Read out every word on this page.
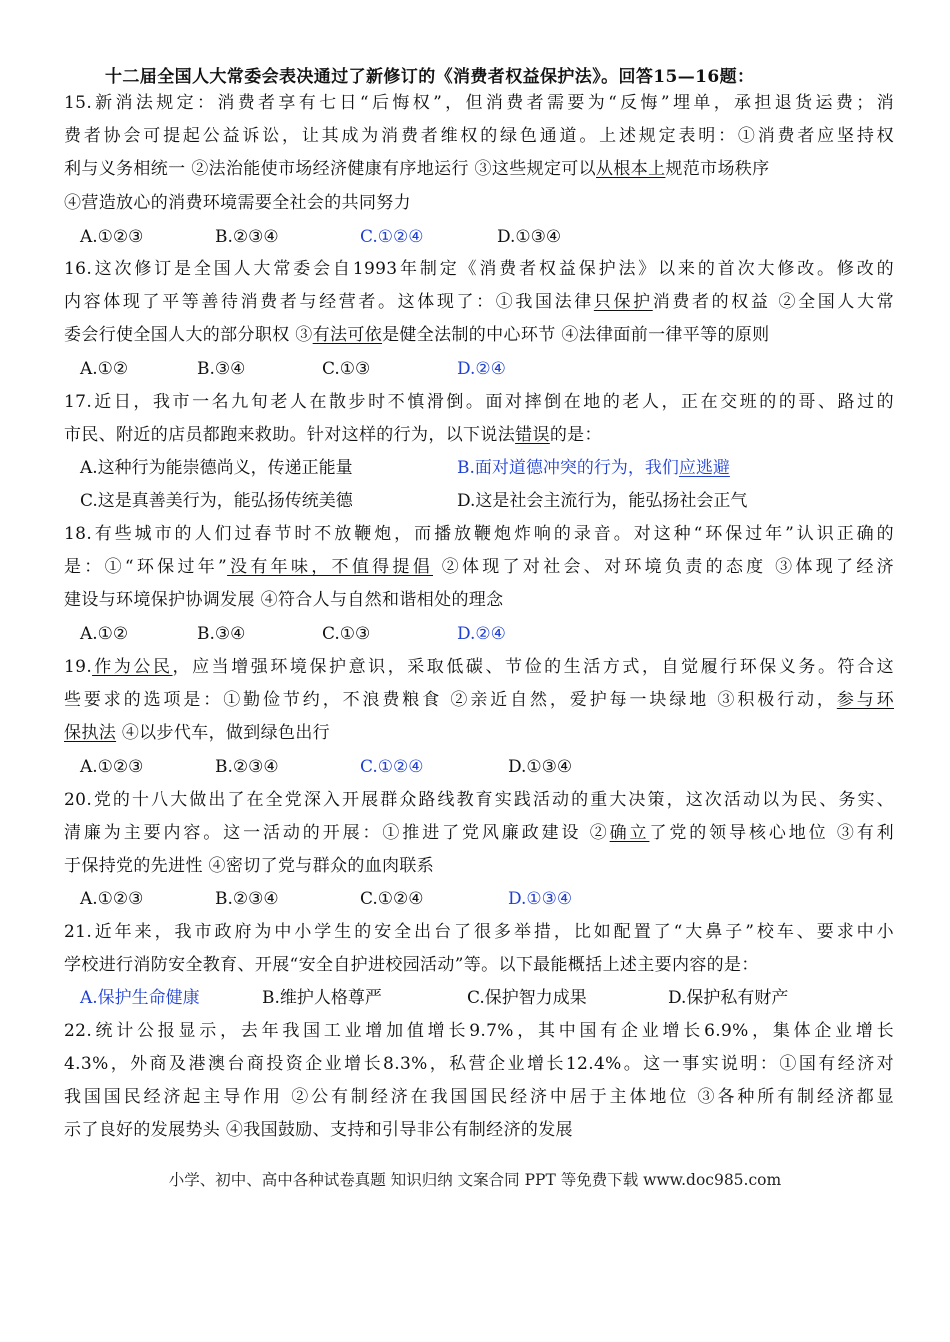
十二届全国人大常委会表决通过了新修订的《消费者权益保护法》。回答15—16题：
15.新消法规定：消费者享有七日“后悔权”，但消费者需要为“反悔”埋单，承担退货运费；消
费者协会可提起公益诉讼，让其成为消费者维权的绿色通道。上述规定表明：①消费者应坚持权
利与义务相统一 ②法治能使市场经济健康有序地运行 ③这些规定可以从根本上规范市场秩序
④营造放心的消费环境需要全社会的共同努力
A.①②③	B.②③④	C.①②④	D.①③④
16.这次修订是全国人大常委会自1993年制定《消费者权益保护法》以来的首次大修改。修改的
内容体现了平等善待消费者与经营者。这体现了：①我国法律只保护消费者的权益 ②全国人大常
委会行使全国人大的部分职权 ③有法可依是健全法制的中心环节 ④法律面前一律平等的原则
A.①②	B.③④	C.①③	D.②④
17.近日，我市一名九旬老人在散步时不慎滑倒。面对摔倒在地的老人，正在交班的的哥、路过的
市民、附近的店员都跑来救助。针对这样的行为，以下说法错误的是：
A.这种行为能崇德尚义，传递正能量	B.面对道德冲突的行为，我们应逃避
C.这是真善美行为，能弘扬传统美德	D.这是社会主流行为，能弘扬社会正气
18.有些城市的人们过春节时不放鞭炮，而播放鞭炮炸响的录音。对这种“环保过年”认识正确的
是：①“环保过年”没有年味，不值得提倡 ②体现了对社会、对环境负责的态度 ③体现了经济
建设与环境保护协调发展 ④符合人与自然和谐相处的理念
A.①②	B.③④	C.①③	D.②④
19.作为公民，应当增强环境保护意识，采取低碳、节俭的生活方式，自觉履行环保义务。符合这
些要求的选项是：①勤俭节约，不浪费粮食 ②亲近自然，爱护每一块绿地 ③积极行动，参与环
保执法 ④以步代车，做到绿色出行
A.①②③	B.②③④	C.①②④	D.①③④
20.党的十八大做出了在全党深入开展群众路线教育实践活动的重大决策，这次活动以为民、务实、
清廉为主要内容。这一活动的开展：①推进了党风廉政建设 ②确立了党的领导核心地位 ③有利
于保持党的先进性 ④密切了党与群众的血肉联系
A.①②③	B.②③④	C.①②④	D.①③④
21.近年来，我市政府为中小学生的安全出台了很多举措，比如配置了“大鼻子”校车、要求中小
学校进行消防安全教育、开展“安全自护进校园活动”等。以下最能概括上述主要内容的是：
A.保护生命健康	B.维护人格尊严	C.保护智力成果	D.保护私有财产
22.统计公报显示，去年我国工业增加值增长9.7%，其中国有企业增长6.9%，集体企业增长
4.3%，外商及港澳台商投资企业增长8.3%，私营企业增长12.4%。这一事实说明：①国有经济对
我国国民经济起主导作用 ②公有制经济在我国国民经济中居于主体地位 ③各种所有制经济都显
示了良好的发展势头 ④我国鼓励、支持和引导非公有制经济的发展
小学、初中、高中各种试卷真题 知识归纳 文案合同 PPT 等免费下载 www.doc985.com
